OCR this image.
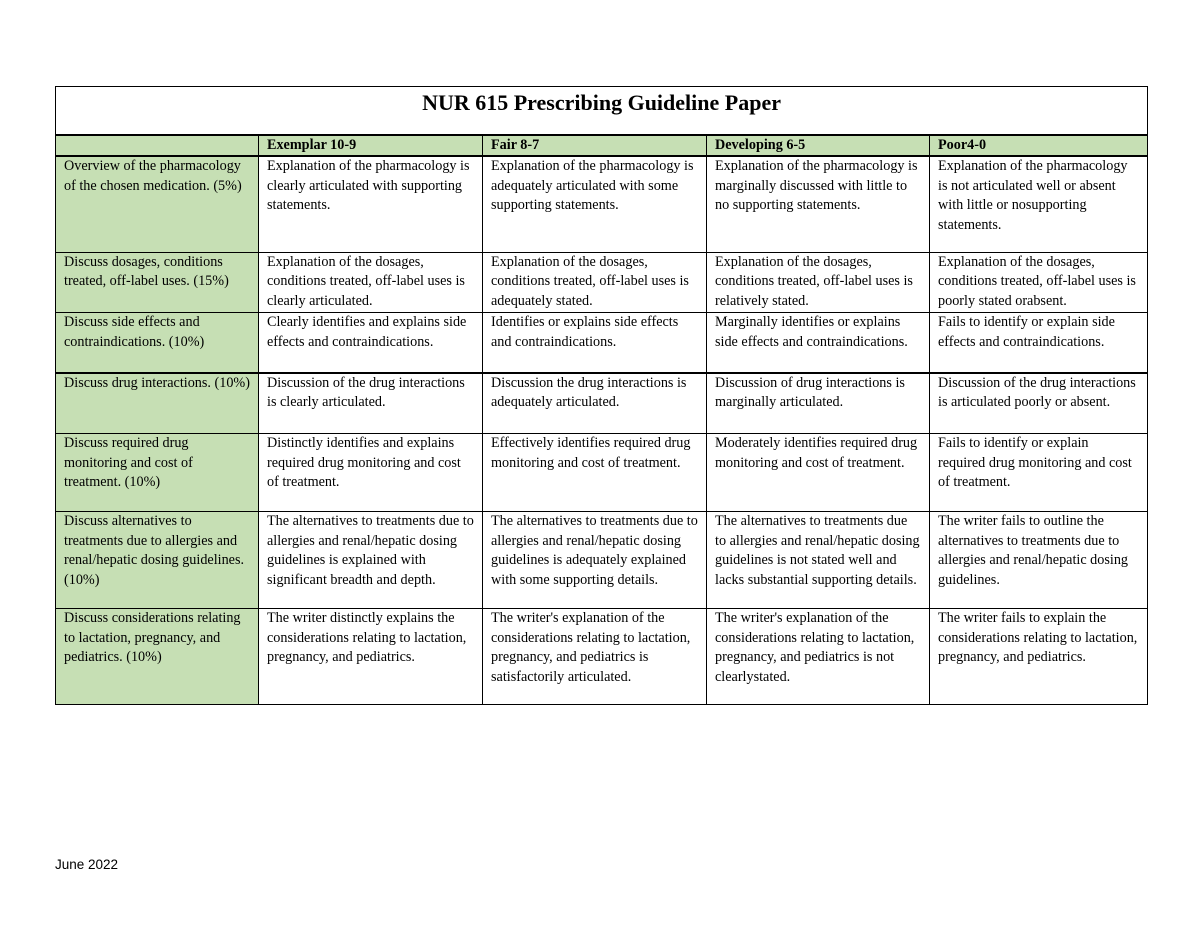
NUR 615 Prescribing Guideline Paper				
	Exemplar 10-9	Fair 8-7	Developing 6-5	Poor4-0
Overview of the pharmacology of the chosen medication. (5%)	Explanation of the pharmacology is clearly articulated with supporting statements.	Explanation of the pharmacology is adequately articulated with some supporting statements.	Explanation of the pharmacology is marginally discussed with little to no supporting statements.	Explanation of the pharmacology is not articulated well or absent with little or nosupporting statements.
Discuss dosages, conditions treated, off-label uses. (15%)	Explanation of the dosages, conditions treated, off-label uses is clearly articulated.	Explanation of the dosages, conditions treated, off-label uses is adequately stated.	Explanation of the dosages, conditions treated, off-label uses is relatively stated.	Explanation of the dosages, conditions treated, off-label uses is poorly stated orabsent.
Discuss side effects and contraindications. (10%)	Clearly identifies and explains side effects and contraindications.	Identifies or explains side effects and contraindications.	Marginally identifies or explains side effects and contraindications.	Fails to identify or explain side effects and contraindications.
Discuss drug interactions. (10%)	Discussion of the drug interactions is clearly articulated.	Discussion the drug interactions is adequately articulated.	Discussion of drug interactions is marginally articulated.	Discussion of the drug interactions is articulated poorly or absent.
Discuss required drug monitoring and cost of treatment. (10%)	Distinctly identifies and explains required drug monitoring and cost of treatment.	Effectively identifies required drug monitoring and cost of treatment.	Moderately identifies required drug monitoring and cost of treatment.	Fails to identify or explain required drug monitoring and cost of treatment.
Discuss alternatives to treatments due to allergies and renal/hepatic dosing guidelines. (10%)	The alternatives to treatments due to allergies and renal/hepatic dosing guidelines is explained with significant breadth and depth.	The alternatives to treatments due to allergies and renal/hepatic dosing guidelines is adequately explained with some supporting details.	The alternatives to treatments due to allergies and renal/hepatic dosing guidelines is not stated well and lacks substantial supporting details.	The writer fails to outline the alternatives to treatments due to allergies and renal/hepatic dosing guidelines.
Discuss considerations relating to lactation, pregnancy, and pediatrics. (10%)	The writer distinctly explains the considerations relating to lactation, pregnancy, and pediatrics.	The writer's explanation of the considerations relating to lactation, pregnancy, and pediatrics is satisfactorily articulated.	The writer's explanation of the considerations relating to lactation, pregnancy, and pediatrics is not clearlystated.	The writer fails to explain the considerations relating to lactation, pregnancy, and pediatrics.
June 2022
